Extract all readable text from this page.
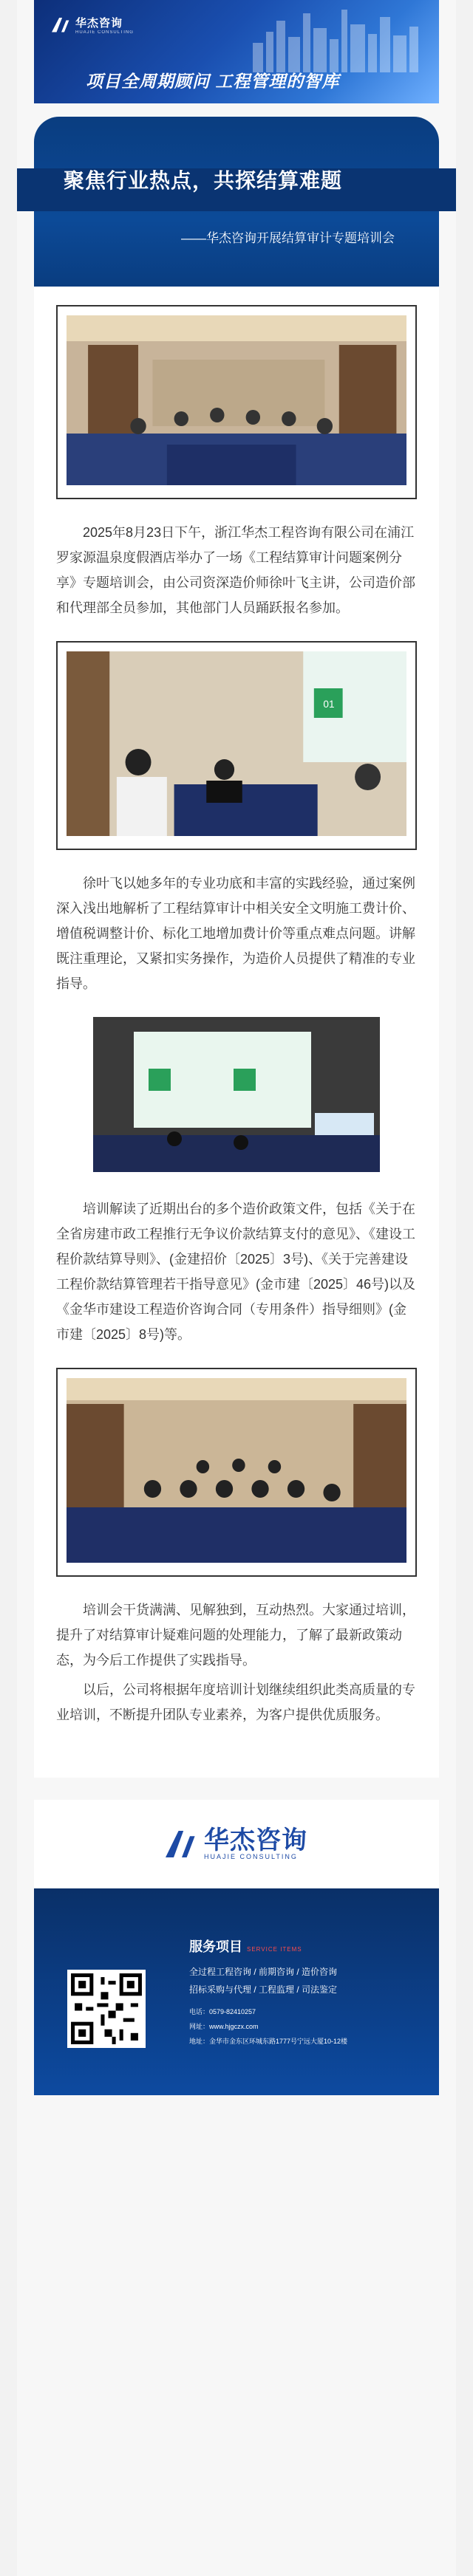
华杰咨询
HUAJIE CONSULTING
项目全周期顾问 工程管理的智库
聚焦行业热点，共探结算难题
——华杰咨询开展结算审计专题培训会

2025年8月23日下午，浙江华杰工程咨询有限公司在浦江罗家源温泉度假酒店举办了一场《工程结算审计问题案例分享》专题培训会，由公司资深造价师徐叶飞主讲，公司造价部和代理部全员参加，其他部门人员踊跃报名参加。

01

徐叶飞以她多年的专业功底和丰富的实践经验，通过案例深入浅出地解析了工程结算审计中相关安全文明施工费计价、增值税调整计价、标化工地增加费计价等重点难点问题。讲解既注重理论，又紧扣实务操作，为造价人员提供了精准的专业指导。

培训解读了近期出台的多个造价政策文件，包括《关于在全省房建市政工程推行无争议价款结算支付的意见》、《建设工程价款结算导则》、(金建招价〔2025〕3号)、《关于完善建设工程价款结算管理若干指导意见》(金市建〔2025〕46号)以及《金华市建设工程造价咨询合同（专用条件）指导细则》(金市建〔2025〕8号)等。

培训会干货满满、见解独到，互动热烈。大家通过培训，提升了对结算审计疑难问题的处理能力，了解了最新政策动态，为今后工作提供了实践指导。

以后，公司将根据年度培训计划继续组织此类高质量的专业培训，不断提升团队专业素养，为客户提供优质服务。

华杰咨询
HUAJIE CONSULTING
服务项目 SERVICE ITEMS
全过程工程咨询 / 前期咨询 / 造价咨询
招标采购与代理 / 工程监理 / 司法鉴定
电话：0579-82410257
网址：www.hjgczx.com
地址：金华市金东区环城东路1777号宁远大厦10-12楼
